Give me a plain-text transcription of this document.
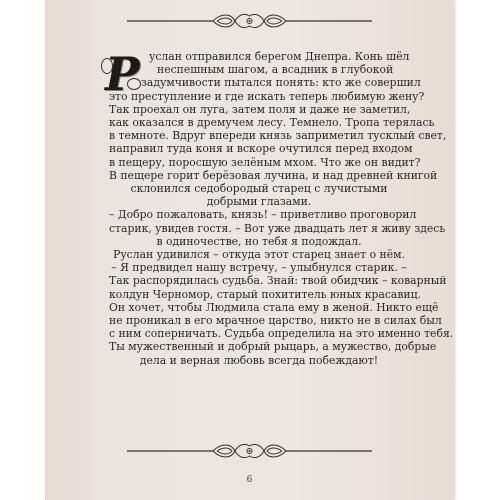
Р услан отправился берегом Днепра. Конь шёл
неспешным шагом, а всадник в глубокой
задумчивости пытался понять: кто же совершил
это преступление и где искать теперь любимую жену?
Так проехал он луга, затем поля и даже не заметил,
как оказался в дремучем лесу. Темнело. Тропа терялась
в темноте. Вдруг впереди князь заприметил тусклый свет,
направил туда коня и вскоре очутился перед входом
в пещеру, поросшую зелёным мхом. Что же он видит?
В пещере горит берёзовая лучина, и над древней книгой
склонился седобородый старец с лучистыми
добрыми глазами.
– Добро пожаловать, князь! – приветливо проговорил
старик, увидев гостя. – Вот уже двадцать лет я живу здесь
в одиночестве, но тебя я подождал.
Руслан удивился – откуда этот старец знает о нём.
– Я предвидел нашу встречу, – улыбнулся старик. –
Так распорядилась судьба. Знай: твой обидчик – коварный
колдун Черномор, старый похититель юных красавиц.
Он хочет, чтобы Людмила стала ему в женой. Никто ещё
не проникал в его мрачное царство, никто не в силах был
с ним соперничать. Судьба определила на это именно тебя.
Ты мужественный и добрый рыцарь, а мужество, добрые
дела и верная любовь всегда побеждают!
6
